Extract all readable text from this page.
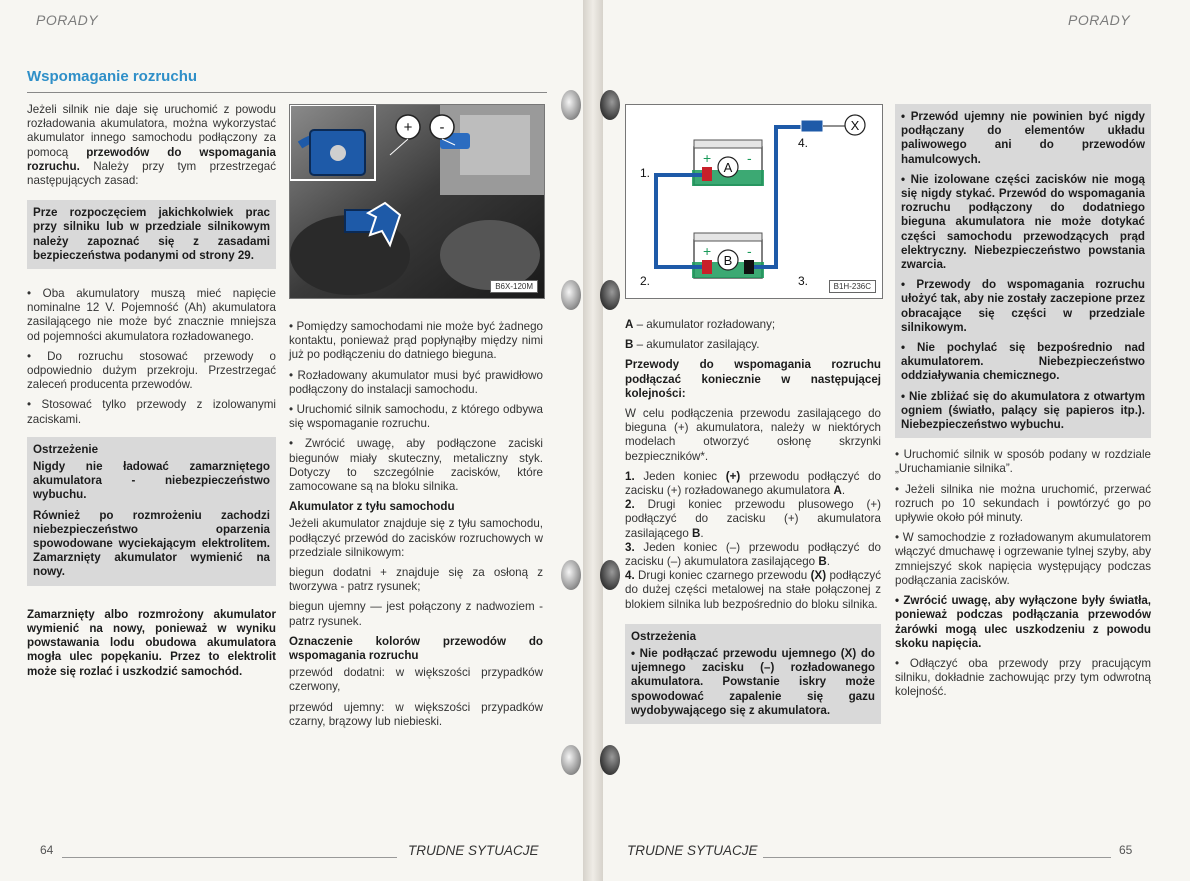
PORADY
Wspomaganie rozruchu

Jeżeli silnik nie daje się uruchomić z powodu rozładowania akumulatora, można wykorzystać akumulator innego samochodu podłączony za pomocą przewodów do wspomagania rozruchu. Należy przy tym przestrzegać następujących zasad:

Prze rozpoczęciem jakichkolwiek prac przy silniku lub w przedziale silnikowym należy zapoznać się z zasadami bezpieczeństwa podanymi od strony 29.

• Oba akumulatory muszą mieć napięcie nominalne 12 V. Pojemność (Ah) akumulatora zasilającego nie może być znacznie mniejsza od pojemności akumulatora rozładowanego.

• Do rozruchu stosować przewody o odpowiednio dużym przekroju. Przestrzegać zaleceń producenta przewodów.

• Stosować tylko przewody z izolowanymi zaciskami.

Ostrzeżenie

Nigdy nie ładować zamarzniętego akumulatora - niebezpieczeństwo wybuchu.

Również po rozmrożeniu zachodzi niebezpieczeństwo oparzenia spowodowane wyciekającym elektrolitem. Zamarznięty akumulator wymienić na nowy.

Zamarznięty albo rozmrożony akumulator wymienić na nowy, ponieważ w wyniku powstawania lodu obudowa akumulatora mogła ulec popękaniu. Przez to elektrolit może się rozlać i uszkodzić samochód.

+ -
B6X-120M

• Pomiędzy samochodami nie może być żadnego kontaktu, ponieważ prąd popłynąłby między nimi już po podłączeniu do datniego bieguna.

• Rozładowany akumulator musi być prawidłowo podłączony do instalacji samochodu.

• Uruchomić silnik samochodu, z którego odbywa się wspomaganie rozruchu.

• Zwrócić uwagę, aby podłączone zaciski biegunów miały skuteczny, metaliczny styk. Dotyczy to szczególnie zacisków, które zamocowane są na bloku silnika.

Akumulator z tyłu samochodu

Jeżeli akumulator znajduje się z tyłu samochodu, podłączyć przewód do zacisków rozruchowych w przedziale silnikowym:

biegun dodatni + znajduje się za osłoną z tworzywa - patrz rysunek;

biegun ujemny — jest połączony z nadwoziem - patrz rysunek.

Oznaczenie kolorów przewodów do wspomagania rozruchu

przewód dodatni: w większości przypadków czerwony,

przewód ujemny: w większości przypadków czarny, brązowy lub niebieski.

64	TRUDNE SYTUACJE
PORADY
A
B
X
+	-
+	-
1.
2.	3.
4.
B1H-236C

A – akumulator rozładowany;

B – akumulator zasilający.

Przewody do wspomagania rozruchu podłączać koniecznie w następującej kolejności:

W celu podłączenia przewodu zasilającego do bieguna (+) akumulatora, należy w niektórych modelach otworzyć osłonę skrzynki bezpieczników*.

1. Jeden koniec (+) przewodu podłączyć do zacisku (+) rozładowanego akumulatora A.

2. Drugi koniec przewodu plusowego (+) podłączyć do zacisku (+) akumulatora zasilającego B.

3. Jeden koniec (–) przewodu podłączyć do zacisku (–) akumulatora zasilającego B.

4. Drugi koniec czarnego przewodu (X) podłączyć do dużej części metalowej na stałe połączonej z blokiem silnika lub bezpośrednio do bloku silnika.

Ostrzeżenia
• Nie podłączać przewodu ujemnego (X) do ujemnego zacisku (–) rozładowanego akumulatora. Powstanie iskry może spowodować zapalenie się gazu wydobywającego się z akumulatora.

• Przewód ujemny nie powinien być nigdy podłączany do elementów układu paliwowego ani do przewodów hamulcowych.

• Nie izolowane części zacisków nie mogą się nigdy stykać. Przewód do wspomagania rozruchu podłączony do dodatniego bieguna akumulatora nie może dotykać części samochodu przewodzących prąd elektryczny. Niebezpieczeństwo powstania zwarcia.

• Przewody do wspomagania rozruchu ułożyć tak, aby nie zostały zaczepione przez obracające się części w przedziale silnikowym.

• Nie pochylać się bezpośrednio nad akumulatorem. Niebezpieczeństwo oddziaływania chemicznego.

• Nie zbliżać się do akumulatora z otwartym ogniem (światło, palący się papieros itp.). Niebezpieczeństwo wybuchu.

• Uruchomić silnik w sposób podany w rozdziale „Uruchamianie silnika”.

• Jeżeli silnika nie można uruchomić, przerwać rozruch po 10 sekundach i powtórzyć go po upływie około pół minuty.

• W samochodzie z rozładowanym akumulatorem włączyć dmuchawę i ogrzewanie tylnej szyby, aby zmniejszyć skok napięcia występujący podczas podłączania zacisków.

• Zwrócić uwagę, aby wyłączone były światła, ponieważ podczas podłączania przewodów żarówki mogą ulec uszkodzeniu z powodu skoku napięcia.

• Odłączyć oba przewody przy pracującym silniku, dokładnie zachowując przy tym odwrotną kolejność.

TRUDNE SYTUACJE	65
